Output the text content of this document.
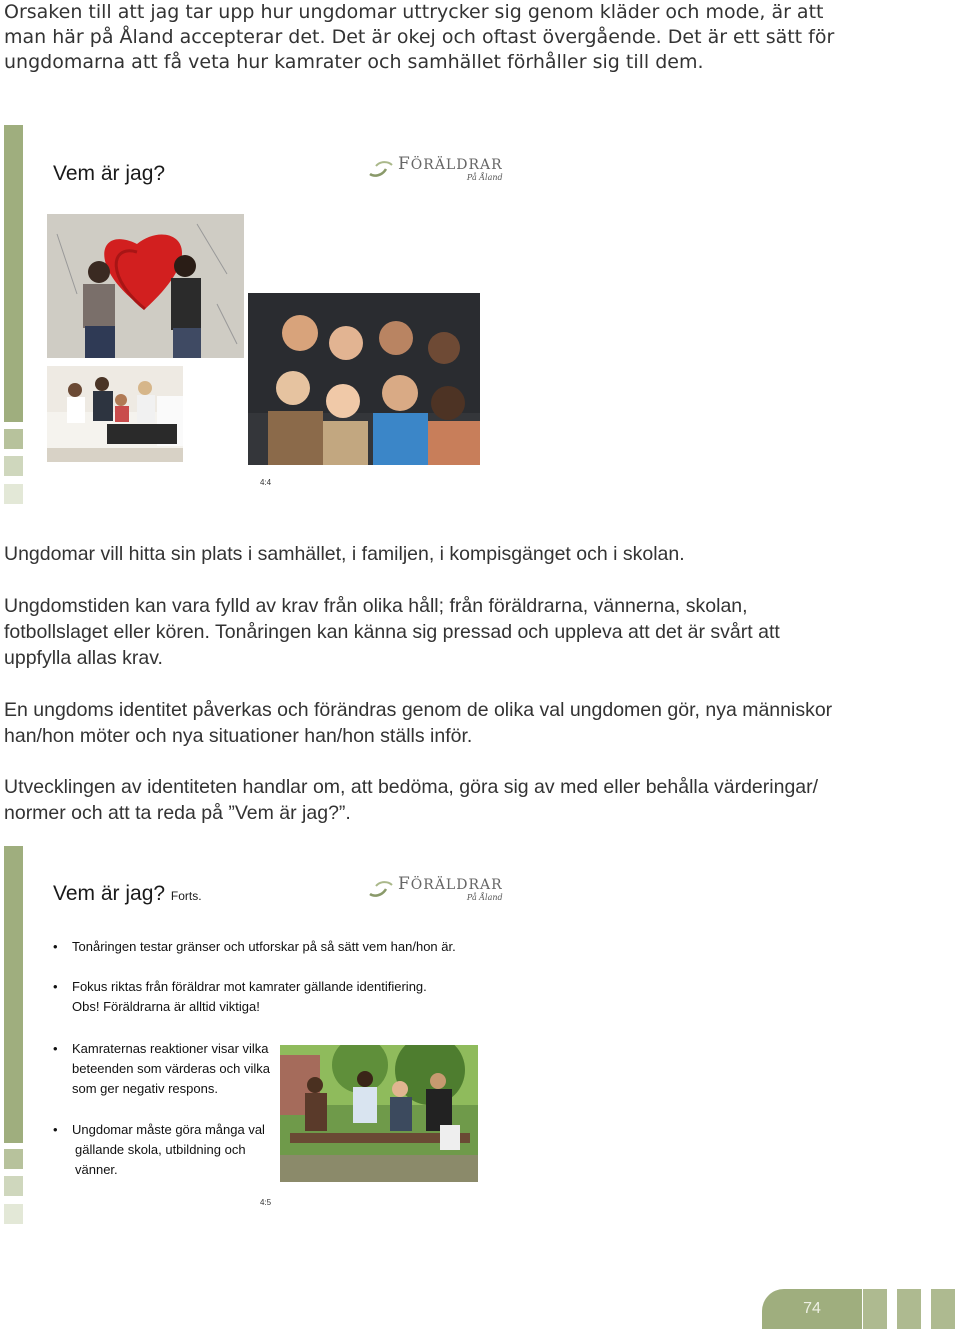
Orsaken till att jag tar upp hur ungdomar uttrycker sig genom kläder och mode, är att man här på Åland accepterar det. Det är okej och oftast övergående. Det är ett sätt för ungdomarna att få veta hur kamrater och samhället förhåller sig till dem.
Vem är jag?	FÖRÄLDRAR
På Åland
4:4
Ungdomar vill hitta sin plats i samhället, i familjen, i kompisgänget och i skolan.
Ungdomstiden kan vara fylld av krav från olika håll; från föräldrarna, vännerna, skolan, fotbollslaget eller kören. Tonåringen kan känna sig pressad och uppleva att det är svårt att uppfylla allas krav.
En ungdoms identitet påverkas och förändras genom de olika val ungdomen gör, nya människor han/hon möter och nya situationer han/hon ställs inför.
Utvecklingen av identiteten handlar om, att bedöma, göra sig av med eller behålla värderingar/ normer och att ta reda på ”Vem är jag?”.
Vem är jag? Forts.
FÖRÄLDRAR
På Åland
• Tonåringen testar gränser och utforskar på så sätt vem han/hon är.
• Fokus riktas från föräldrar mot kamrater gällande identifiering.
Obs! Föräldrarna är alltid viktiga!
• Kamraternas reaktioner visar vilka
beteenden som värderas och vilka
som ger negativ respons.
• Ungdomar måste göra många val
gällande skola, utbildning och
vänner.
4:5
74
